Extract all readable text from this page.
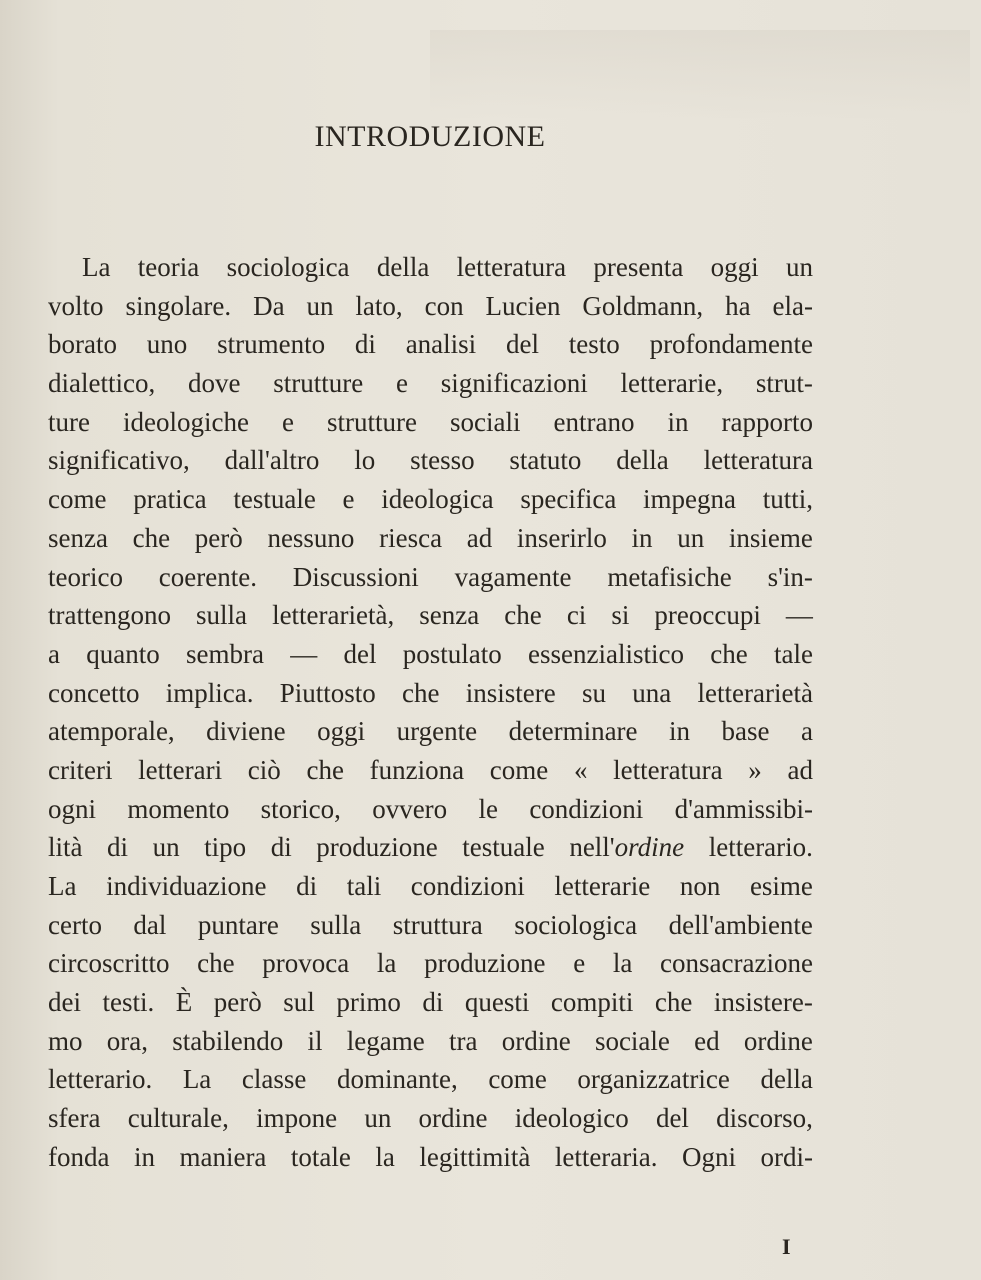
INTRODUZIONE
La teoria sociologica della letteratura presenta oggi un
volto singolare. Da un lato, con Lucien Goldmann, ha ela-
borato uno strumento di analisi del testo profondamente
dialettico, dove strutture e significazioni letterarie, strut-
ture ideologiche e strutture sociali entrano in rapporto
significativo, dall'altro lo stesso statuto della letteratura
come pratica testuale e ideologica specifica impegna tutti,
senza che però nessuno riesca ad inserirlo in un insieme
teorico coerente. Discussioni vagamente metafisiche s'in-
trattengono sulla letterarietà, senza che ci si preoccupi —
a quanto sembra — del postulato essenzialistico che tale
concetto implica. Piuttosto che insistere su una letterarietà
atemporale, diviene oggi urgente determinare in base a
criteri letterari ciò che funziona come « letteratura » ad
ogni momento storico, ovvero le condizioni d'ammissibi-
lità di un tipo di produzione testuale nell'ordine letterario.
La individuazione di tali condizioni letterarie non esime
certo dal puntare sulla struttura sociologica dell'ambiente
circoscritto che provoca la produzione e la consacrazione
dei testi. È però sul primo di questi compiti che insistere-
mo ora, stabilendo il legame tra ordine sociale ed ordine
letterario. La classe dominante, come organizzatrice della
sfera culturale, impone un ordine ideologico del discorso,
fonda in maniera totale la legittimità letteraria. Ogni ordi-
I
